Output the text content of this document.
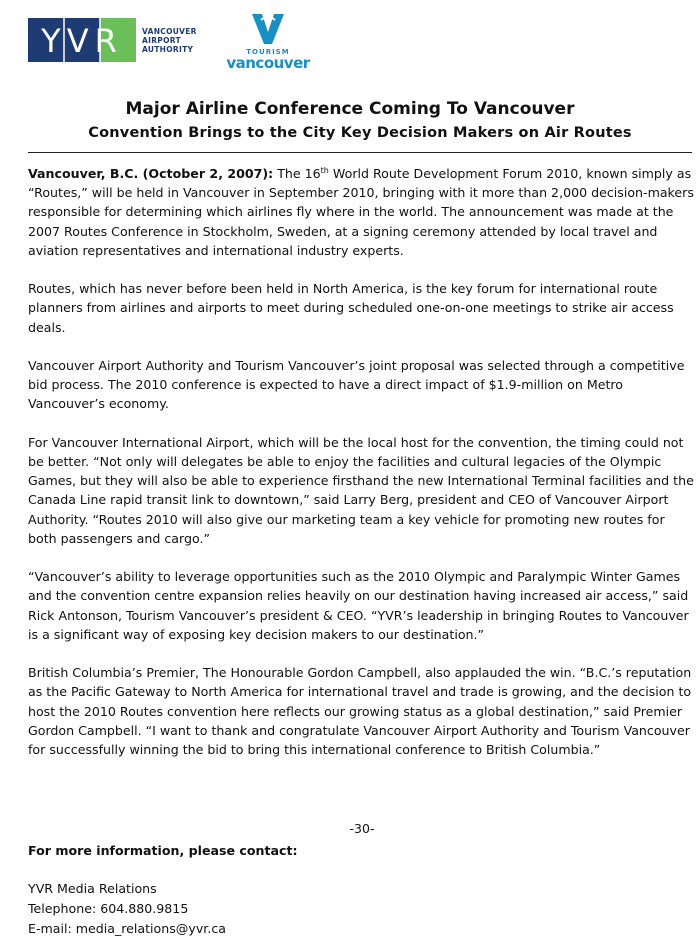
YVR	VANCOUVER
AIRPORT
AUTHORITY	TOURISM
vancouver
Major Airline Conference Coming To Vancouver
Convention Brings to the City Key Decision Makers on Air Routes

Vancouver, B.C. (October 2, 2007): The 16th World Route Development Forum 2010, known simply as “Routes,” will be held in Vancouver in September 2010, bringing with it more than 2,000 decision-makers responsible for determining which airlines fly where in the world. The announcement was made at the 2007 Routes Conference in Stockholm, Sweden, at a signing ceremony attended by local travel and aviation representatives and international industry experts.

Routes, which has never before been held in North America, is the key forum for international route planners from airlines and airports to meet during scheduled one-on-one meetings to strike air access deals.

Vancouver Airport Authority and Tourism Vancouver’s joint proposal was selected through a competitive bid process. The 2010 conference is expected to have a direct impact of $1.9-million on Metro Vancouver’s economy.

For Vancouver International Airport, which will be the local host for the convention, the timing could not be better. “Not only will delegates be able to enjoy the facilities and cultural legacies of the Olympic Games, but they will also be able to experience firsthand the new International Terminal facilities and the Canada Line rapid transit link to downtown,” said Larry Berg, president and CEO of Vancouver Airport Authority. “Routes 2010 will also give our marketing team a key vehicle for promoting new routes for both passengers and cargo.”

“Vancouver’s ability to leverage opportunities such as the 2010 Olympic and Paralympic Winter Games and the convention centre expansion relies heavily on our destination having increased air access,” said Rick Antonson, Tourism Vancouver’s president & CEO. “YVR’s leadership in bringing Routes to Vancouver is a significant way of exposing key decision makers to our destination.”

British Columbia’s Premier, The Honourable Gordon Campbell, also applauded the win. “B.C.’s reputation as the Pacific Gateway to North America for international travel and trade is growing, and the decision to host the 2010 Routes convention here reflects our growing status as a global destination,” said Premier Gordon Campbell. “I want to thank and congratulate Vancouver Airport Authority and Tourism Vancouver for successfully winning the bid to bring this international conference to British Columbia.”

-30-

For more information, please contact:

YVR Media Relations
Telephone: 604.880.9815
E-mail: media_relations@yvr.ca
